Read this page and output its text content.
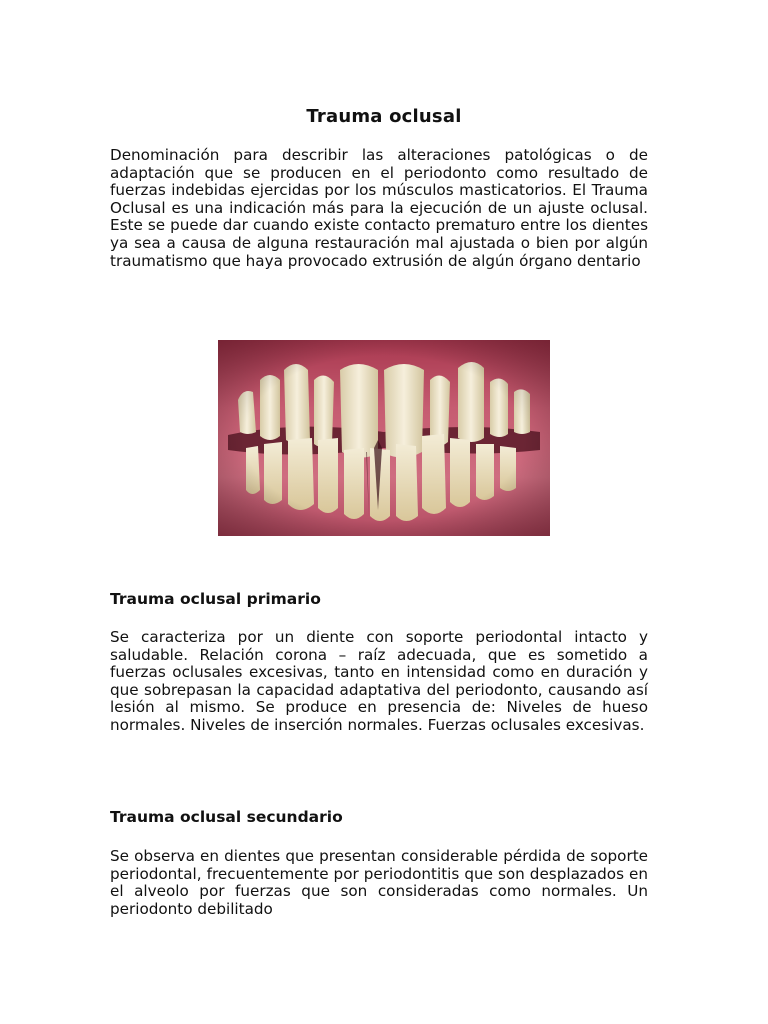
Trauma oclusal

Denominación para describir las alteraciones patológicas o de adaptación que se producen en el periodonto como resultado de fuerzas indebidas ejercidas por los músculos masticatorios. El Trauma Oclusal es una indicación más para la ejecución de un ajuste oclusal. Este se puede dar cuando existe contacto prematuro entre los dientes ya sea a causa de alguna restauración mal ajustada o bien por algún traumatismo que haya provocado extrusión de algún órgano dentario

Trauma oclusal primario

Se caracteriza por un diente con soporte periodontal intacto y saludable. Relación corona – raíz adecuada, que es sometido a fuerzas oclusales excesivas, tanto en intensidad como en duración y que sobrepasan la capacidad adaptativa del periodonto, causando así lesión al mismo. Se produce en presencia de: Niveles de hueso normales. Niveles de inserción normales. Fuerzas oclusales excesivas.

Trauma oclusal secundario

Se observa en dientes que presentan considerable pérdida de soporte periodontal, frecuentemente por periodontitis que son desplazados en el alveolo por fuerzas que son consideradas como normales. Un periodonto debilitado
